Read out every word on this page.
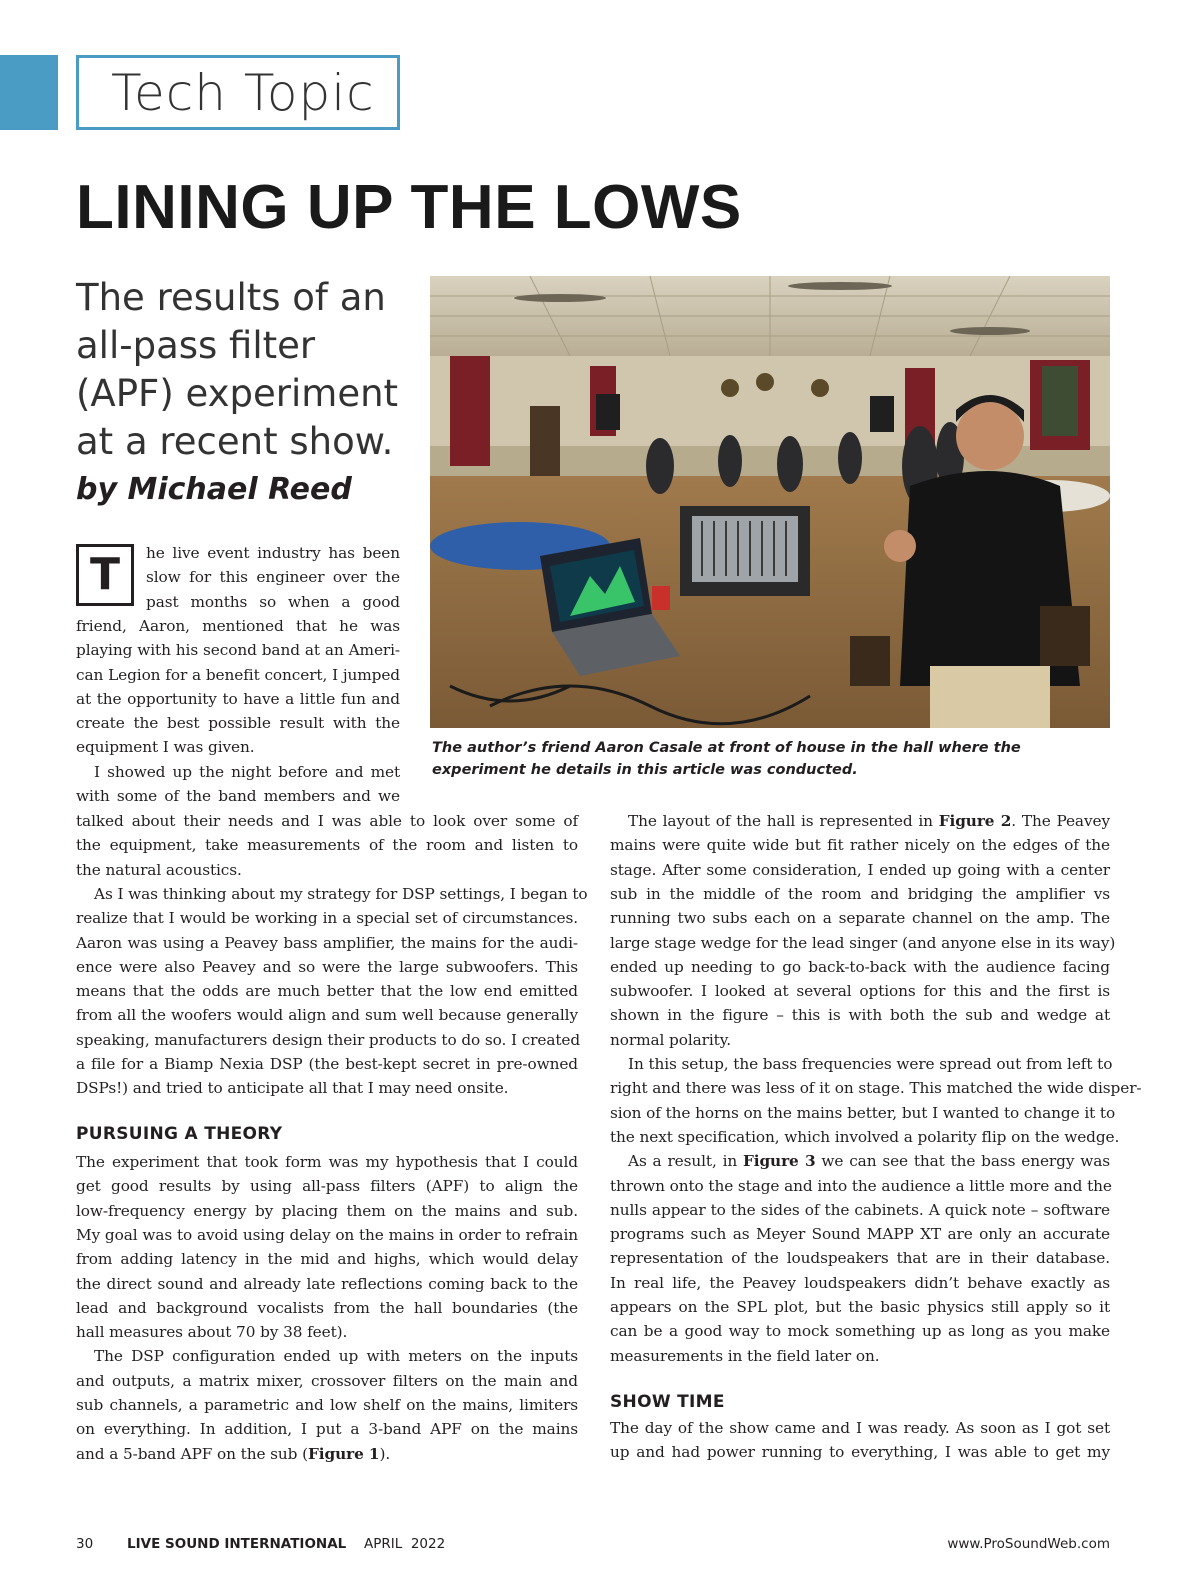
Tech Topic
LINING UP THE LOWS
The results of an all-pass filter (APF) experiment at a recent show.
by Michael Reed
The author’s friend Aaron Casale at front of house in the hall where the experiment he details in this article was conducted.
T	he live event industry has been
slow for this engineer over the
past months so when a good
friend, Aaron, mentioned that he was
playing with his second band at an Ameri-
can Legion for a benefit concert, I jumped
at the opportunity to have a little fun and
create the best possible result with the
equipment I was given.
I showed up the night before and met
with some of the band members and we
talked about their needs and I was able to look over some of
the equipment, take measurements of the room and listen to
the natural acoustics.
As I was thinking about my strategy for DSP settings, I began to
realize that I would be working in a special set of circumstances.
Aaron was using a Peavey bass amplifier, the mains for the audi-
ence were also Peavey and so were the large subwoofers. This
means that the odds are much better that the low end emitted
from all the woofers would align and sum well because generally
speaking, manufacturers design their products to do so. I created
a file for a Biamp Nexia DSP (the best-kept secret in pre-owned
DSPs!) and tried to anticipate all that I may need onsite.
PURSUING A THEORY
The experiment that took form was my hypothesis that I could
get good results by using all-pass filters (APF) to align the
low-frequency energy by placing them on the mains and sub.
My goal was to avoid using delay on the mains in order to refrain
from adding latency in the mid and highs, which would delay
the direct sound and already late reflections coming back to the
lead and background vocalists from the hall boundaries (the
hall measures about 70 by 38 feet).
The DSP configuration ended up with meters on the inputs
and outputs, a matrix mixer, crossover filters on the main and
sub channels, a parametric and low shelf on the mains, limiters
on everything. In addition, I put a 3-band APF on the mains
and a 5-band APF on the sub (Figure 1).
The layout of the hall is represented in Figure 2. The Peavey
mains were quite wide but fit rather nicely on the edges of the
stage. After some consideration, I ended up going with a center
sub in the middle of the room and bridging the amplifier vs
running two subs each on a separate channel on the amp. The
large stage wedge for the lead singer (and anyone else in its way)
ended up needing to go back-to-back with the audience facing
subwoofer. I looked at several options for this and the first is
shown in the figure – this is with both the sub and wedge at
normal polarity.
In this setup, the bass frequencies were spread out from left to
right and there was less of it on stage. This matched the wide disper-
sion of the horns on the mains better, but I wanted to change it to
the next specification, which involved a polarity flip on the wedge.
As a result, in Figure 3 we can see that the bass energy was
thrown onto the stage and into the audience a little more and the
nulls appear to the sides of the cabinets. A quick note – software
programs such as Meyer Sound MAPP XT are only an accurate
representation of the loudspeakers that are in their database.
In real life, the Peavey loudspeakers didn’t behave exactly as
appears on the SPL plot, but the basic physics still apply so it
can be a good way to mock something up as long as you make
measurements in the field later on.
SHOW TIME
The day of the show came and I was ready. As soon as I got set
up and had power running to everything, I was able to get my
30	LIVE SOUND INTERNATIONAL APRIL  2022	www.ProSoundWeb.com
